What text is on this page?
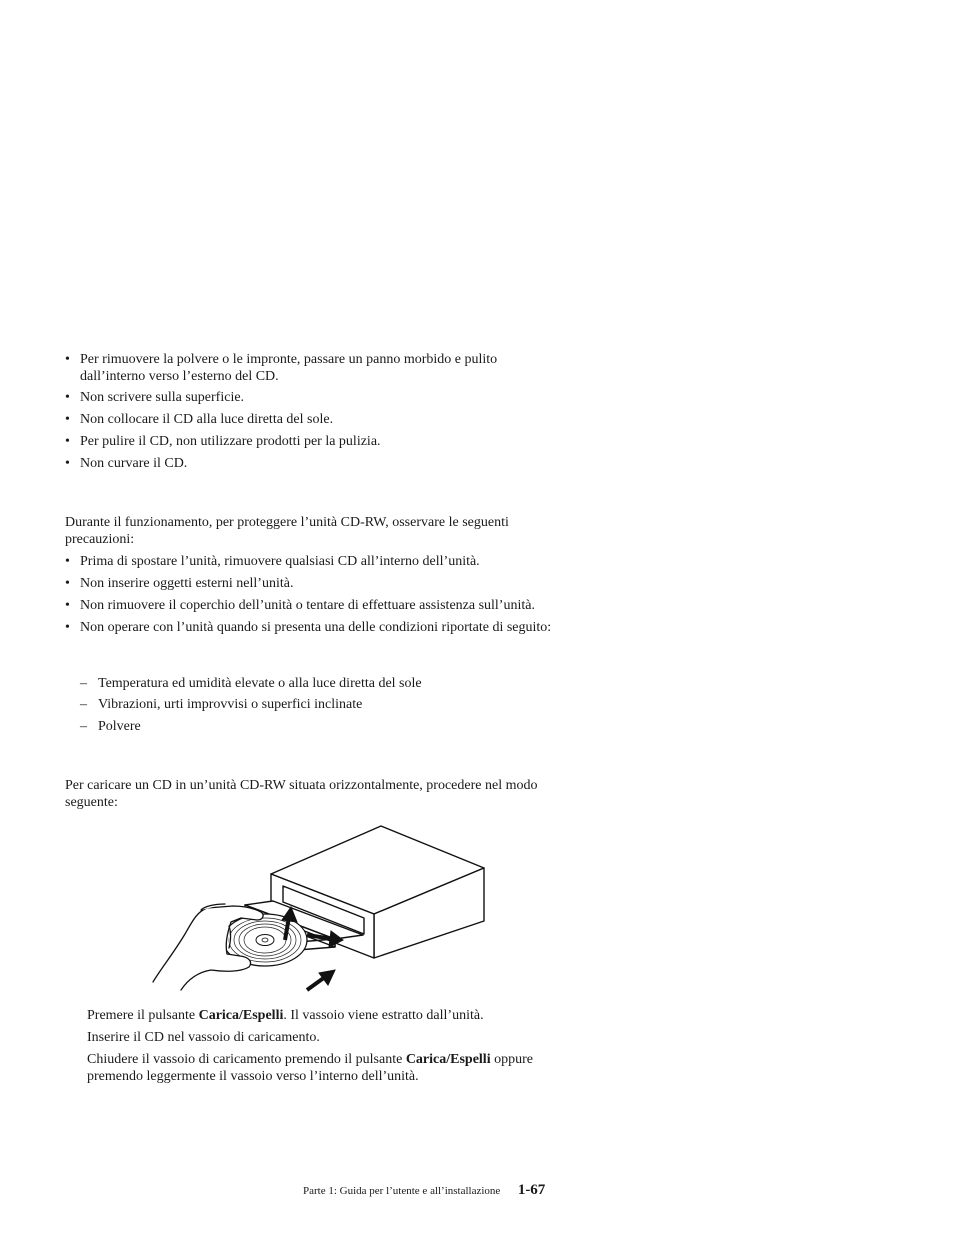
• Per rimuovere la polvere o le impronte, passare un panno morbido e pulito dall’interno verso l’esterno del CD.
• Non scrivere sulla superficie.
• Non collocare il CD alla luce diretta del sole.
• Per pulire il CD, non utilizzare prodotti per la pulizia.
• Non curvare il CD.

Durante il funzionamento, per proteggere l’unità CD-RW, osservare le seguenti precauzioni:

• Prima di spostare l’unità, rimuovere qualsiasi CD all’interno dell’unità.
• Non inserire oggetti esterni nell’unità.
• Non rimuovere il coperchio dell’unità o tentare di effettuare assistenza sull’unità.
• Non operare con l’unità quando si presenta una delle condizioni riportate di seguito:
– Temperatura ed umidità elevate o alla luce diretta del sole
– Vibrazioni, urti improvvisi o superfici inclinate
– Polvere

Per caricare un CD in un’unità CD-RW situata orizzontalmente, procedere nel modo seguente:

Premere il pulsante Carica/Espelli. Il vassoio viene estratto dall’unità.

Inserire il CD nel vassoio di caricamento.

Chiudere il vassoio di caricamento premendo il pulsante Carica/Espelli oppure premendo leggermente il vassoio verso l’interno dell’unità.

Parte 1: Guida per l’utente e all’installazione 1-67
